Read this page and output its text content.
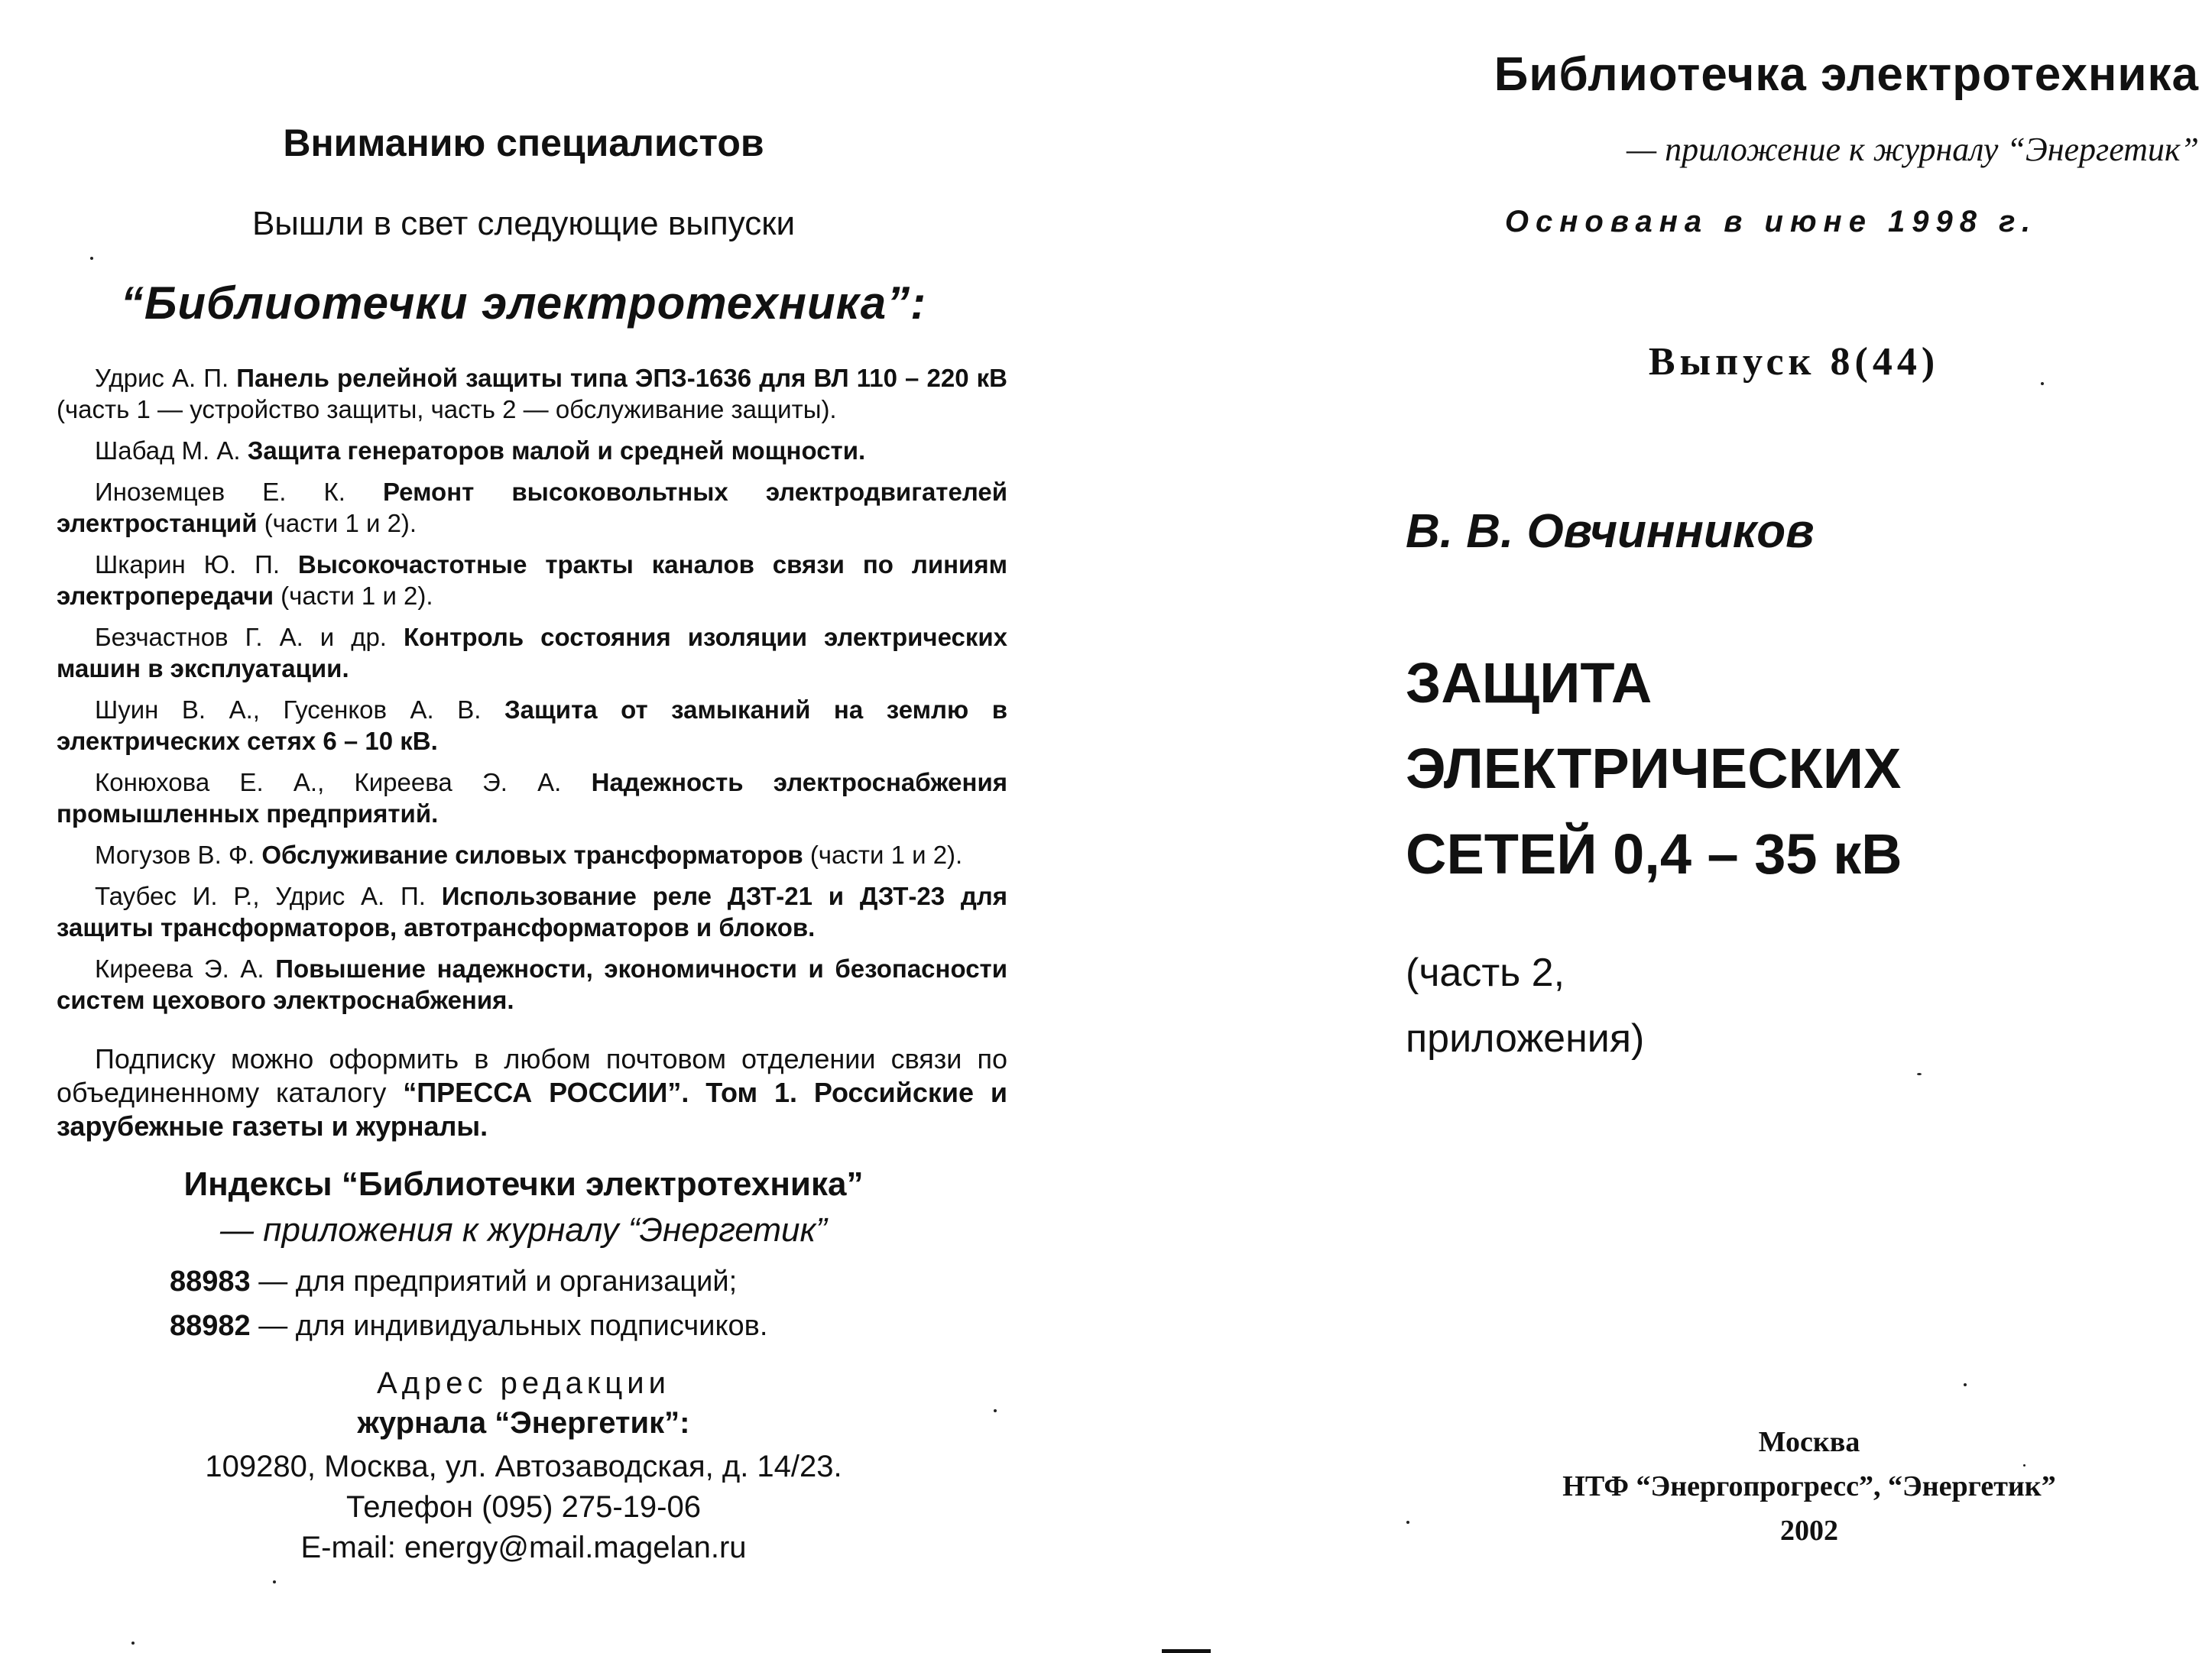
Вниманию специалистов
Вышли в свет следующие выпуски
“Библиотечки электротехника”:

Удрис А. П. Панель релейной защиты типа ЭПЗ-1636 для ВЛ 110 – 220 кВ (часть 1 — устройство защиты, часть 2 — обслуживание защиты).

Шабад М. А. Защита генераторов малой и средней мощности.

Иноземцев Е. К. Ремонт высоковольтных электродвигателей электростанций (части 1 и 2).

Шкарин Ю. П. Высокочастотные тракты каналов связи по линиям электропередачи (части 1 и 2).

Безчастнов Г. А. и др. Контроль состояния изоляции электрических машин в эксплуатации.

Шуин В. А., Гусенков А. В. Защита от замыканий на землю в электрических сетях 6 – 10 кВ.

Конюхова Е. А., Киреева Э. А. Надежность электроснабжения промышленных предприятий.

Могузов В. Ф. Обслуживание силовых трансформаторов (части 1 и 2).

Таубес И. Р., Удрис А. П. Использование реле ДЗТ-21 и ДЗТ-23 для защиты трансформаторов, автотрансформаторов и блоков.

Киреева Э. А. Повышение надежности, экономичности и безопасности систем цехового электроснабжения.

Подписку можно оформить в любом почтовом отделении связи по объединенному каталогу “ПРЕССА РОССИИ”. Том 1. Российские и зарубежные газеты и журналы.
Индексы “Библиотечки электротехника”
— приложения к журналу “Энергетик”
88983 — для предприятий и организаций;
88982 — для индивидуальных подписчиков.
Адрес редакции
журнала “Энергетик”:
109280, Москва, ул. Автозаводская, д. 14/23.
Телефон (095) 275-19-06
E-mail: energy@mail.magelan.ru
Библиотечка электротехника
— приложение к журналу “Энергетик”
Основана в июне 1998 г.
Выпуск 8(44)
В. В. Овчинников
ЗАЩИТА
ЭЛЕКТРИЧЕСКИХ
СЕТЕЙ 0,4 – 35 кВ
(часть 2,
приложения)
Москва
НТФ “Энергопрогресс”, “Энергетик”
2002
